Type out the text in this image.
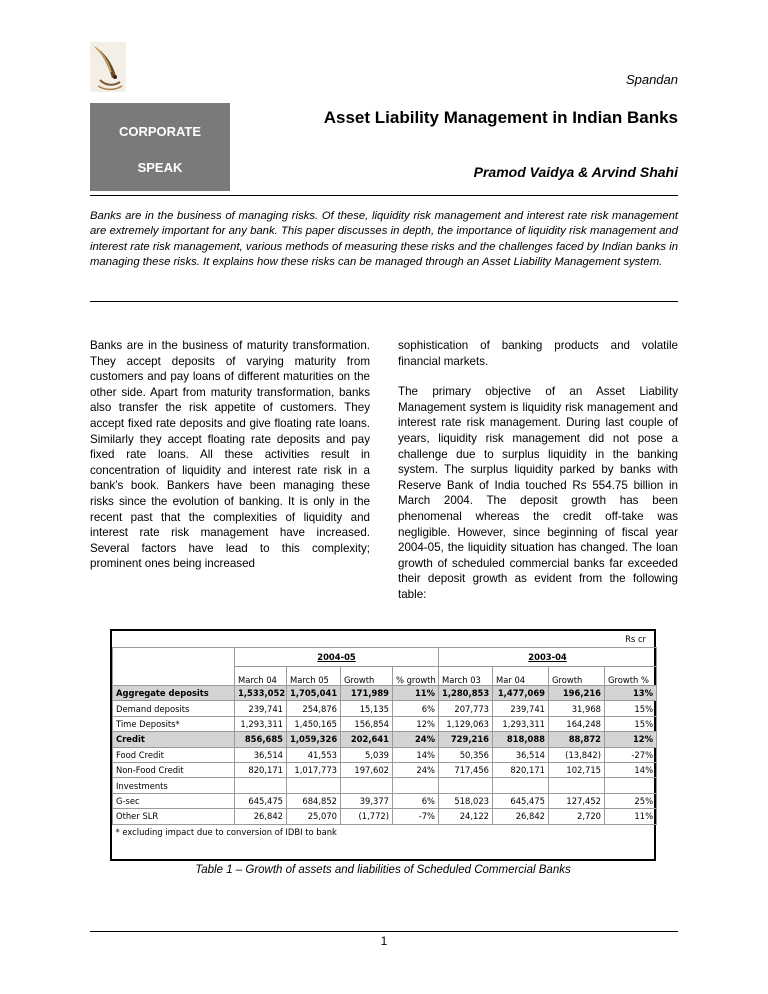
Spandan
CORPORATE
SPEAK
Asset Liability Management in Indian Banks
Pramod Vaidya & Arvind Shahi
Banks are in the business of managing risks. Of these, liquidity risk management and interest rate risk management are extremely important for any bank. This paper discusses in depth, the importance of liquidity risk management and interest rate risk management, various methods of measuring these risks and the challenges faced by Indian banks in managing these risks. It explains how these risks can be managed through an Asset Liability Management system.

Banks are in the business of maturity transformation. They accept deposits of varying maturity from customers and pay loans of different maturities on the other side. Apart from maturity transformation, banks also transfer the risk appetite of customers. They accept fixed rate deposits and give floating rate loans. Similarly they accept floating rate deposits and pay fixed rate loans. All these activities result in concentration of liquidity and interest rate risk in a bank’s book. Bankers have been managing these risks since the evolution of banking. It is only in the recent past that the complexities of liquidity and interest rate risk management have increased. Several factors have lead to this complexity; prominent ones being increased

sophistication of banking products and volatile financial markets.

The primary objective of an Asset Liability Management system is liquidity risk management and interest rate risk management. During last couple of years, liquidity risk management did not pose a challenge due to surplus liquidity in the banking system. The surplus liquidity parked by banks with Reserve Bank of India touched Rs 554.75 billion in March 2004. The deposit growth has been phenomenal whereas the credit off-take was negligible. However, since beginning of fiscal year 2004-05, the liquidity situation has changed. The loan growth of scheduled commercial banks far exceeded their deposit growth as evident from the following table:

Rs cr
	2004-05				2003-04			
	March 04	March 05	Growth	% growth	March 03	Mar 04	Growth	Growth %
Aggregate deposits	1,533,052	1,705,041	171,989	11%	1,280,853	1,477,069	196,216	13%
Demand deposits	239,741	254,876	15,135	6%	207,773	239,741	31,968	15%
Time Deposits*	1,293,311	1,450,165	156,854	12%	1,129,063	1,293,311	164,248	15%
Credit	856,685	1,059,326	202,641	24%	729,216	818,088	88,872	12%
Food Credit	36,514	41,553	5,039	14%	50,356	36,514	(13,842)	-27%
Non-Food Credit	820,171	1,017,773	197,602	24%	717,456	820,171	102,715	14%
Investments								
G-sec	645,475	684,852	39,377	6%	518,023	645,475	127,452	25%
Other SLR	26,842	25,070	(1,772)	-7%	24,122	26,842	2,720	11%
* excluding impact due to conversion of IDBI to bank								
Table 1 – Growth of assets and liabilities of Scheduled Commercial Banks
1
